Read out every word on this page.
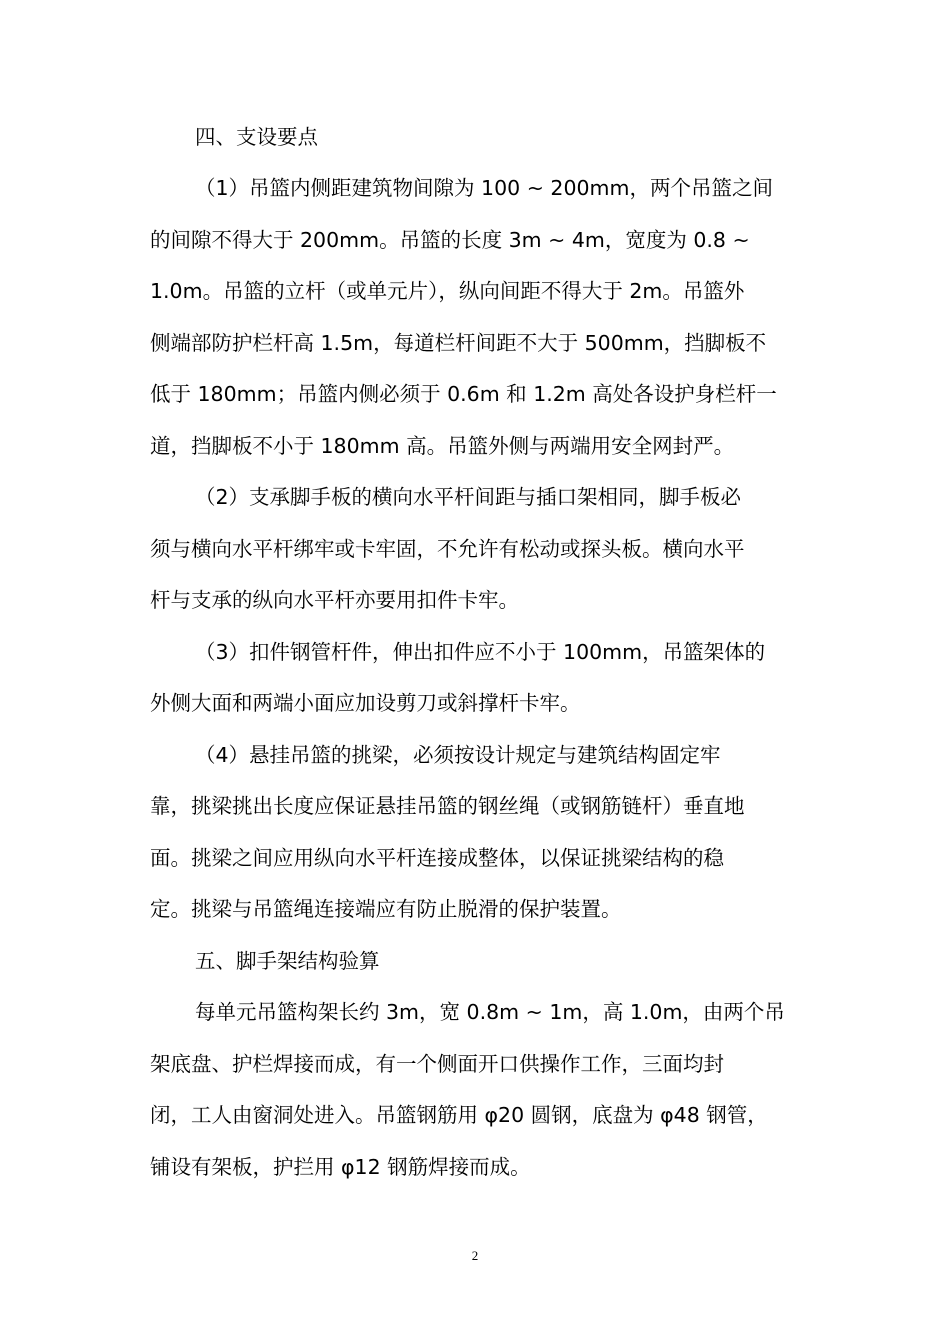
四、支设要点
（1）吊篮内侧距建筑物间隙为 100 ~ 200mm，两个吊篮之间
的间隙不得大于 200mm。吊篮的长度 3m ~ 4m，宽度为 0.8 ~
1.0m。吊篮的立杆（或单元片），纵向间距不得大于 2m。吊篮外
侧端部防护栏杆高 1.5m，每道栏杆间距不大于 500mm，挡脚板不
低于 180mm；吊篮内侧必须于 0.6m 和 1.2m 高处各设护身栏杆一
道，挡脚板不小于 180mm 高。吊篮外侧与两端用安全网封严。
（2）支承脚手板的横向水平杆间距与插口架相同，脚手板必
须与横向水平杆绑牢或卡牢固，不允许有松动或探头板。横向水平
杆与支承的纵向水平杆亦要用扣件卡牢。
（3）扣件钢管杆件，伸出扣件应不小于 100mm，吊篮架体的
外侧大面和两端小面应加设剪刀或斜撑杆卡牢。
（4）悬挂吊篮的挑梁，必须按设计规定与建筑结构固定牢
靠，挑梁挑出长度应保证悬挂吊篮的钢丝绳（或钢筋链杆）垂直地
面。挑梁之间应用纵向水平杆连接成整体，以保证挑梁结构的稳
定。挑梁与吊篮绳连接端应有防止脱滑的保护装置。
五、脚手架结构验算
每单元吊篮构架长约 3m，宽 0.8m ~ 1m，高 1.0m，由两个吊
架底盘、护栏焊接而成，有一个侧面开口供操作工作，三面均封
闭，工人由窗洞处进入。吊篮钢筋用 φ20 圆钢，底盘为 φ48 钢管，
铺设有架板，护拦用 φ12 钢筋焊接而成。
2
